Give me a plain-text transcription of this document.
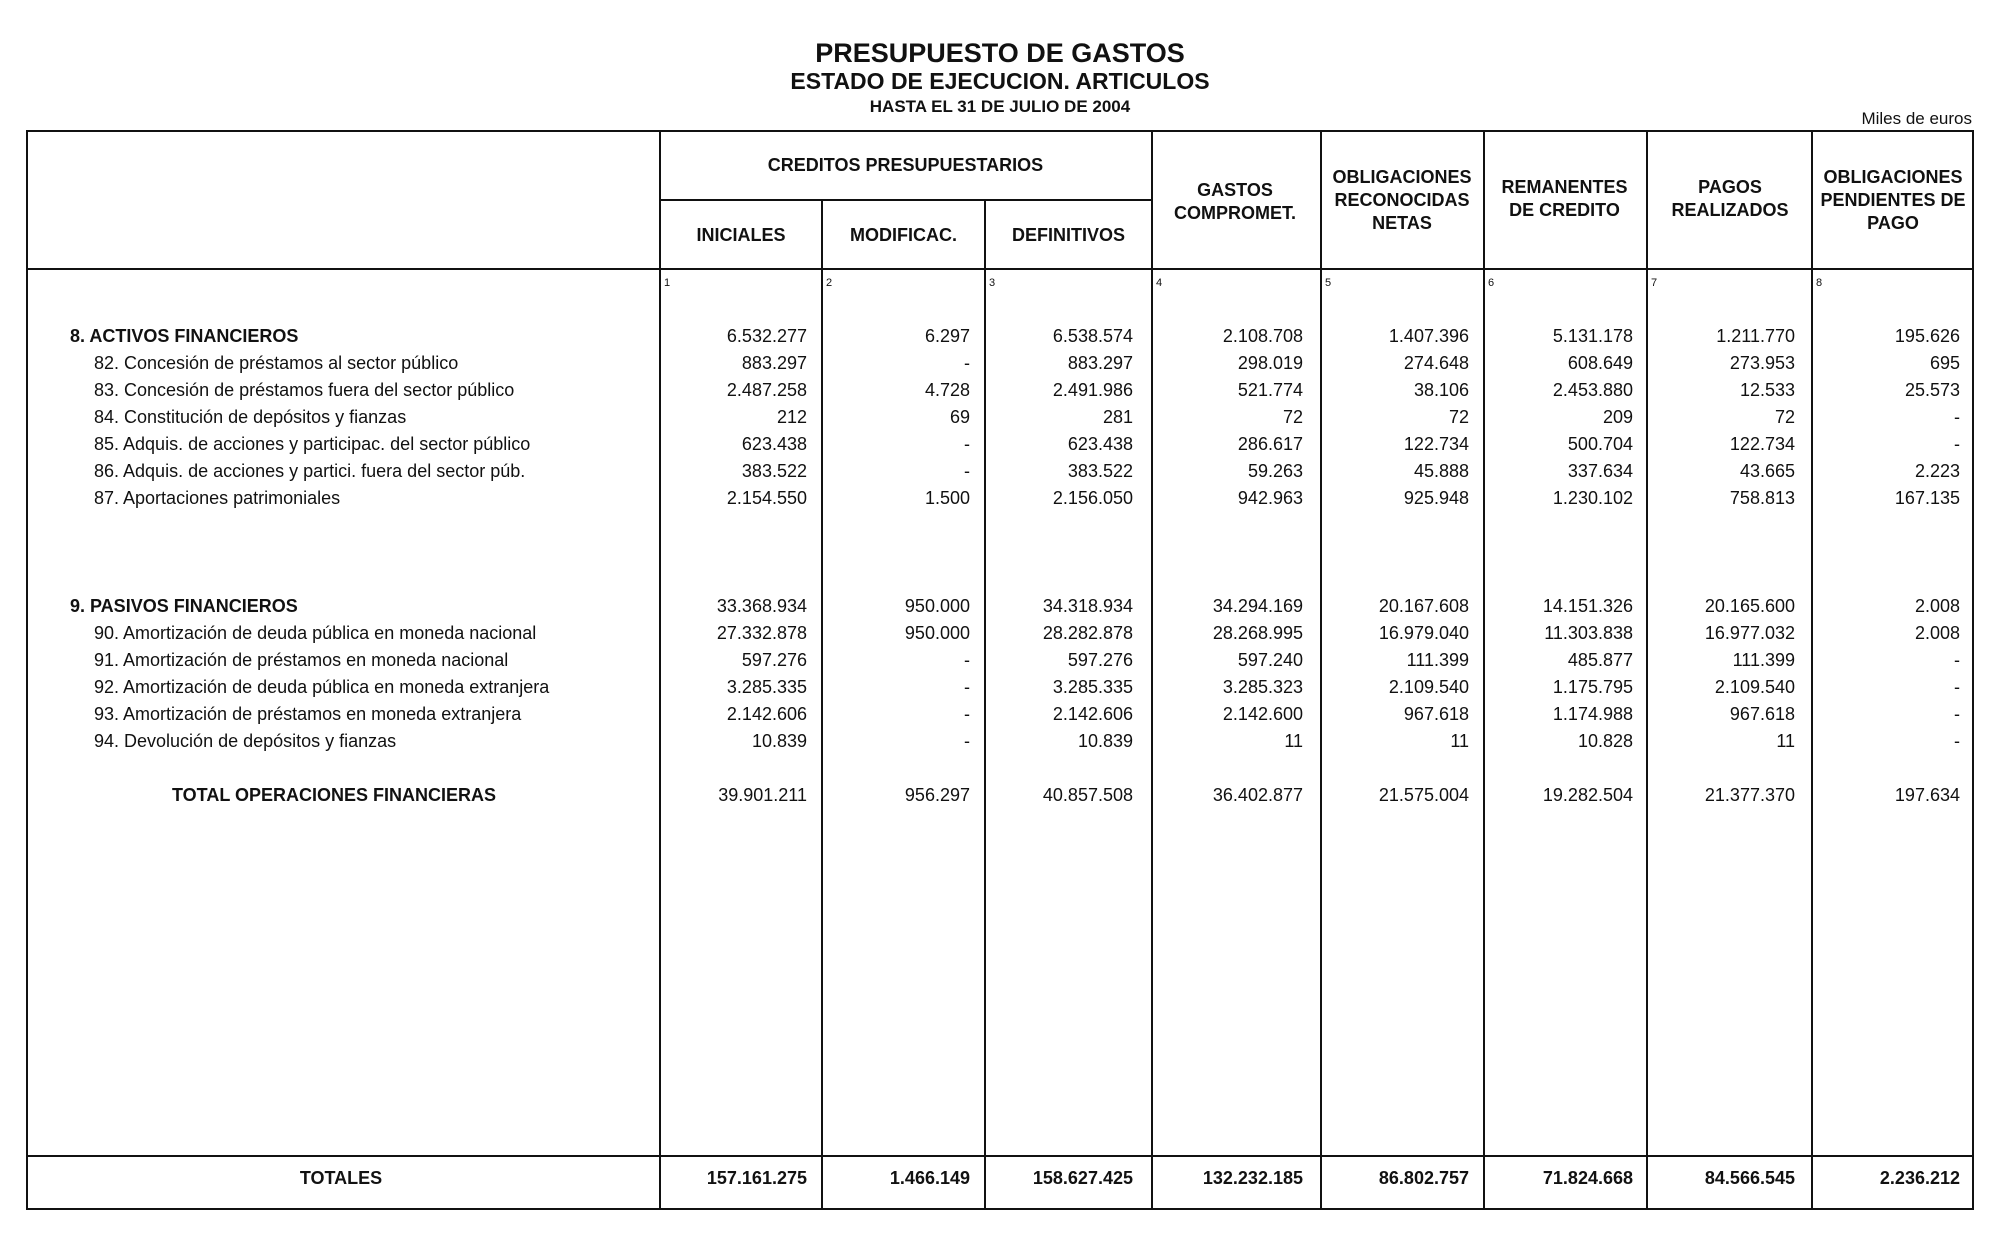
PRESUPUESTO DE GASTOS
ESTADO DE EJECUCION. ARTICULOS
HASTA EL 31 DE JULIO DE 2004
Miles de euros
CREDITOS PRESUPUESTARIOS
INICIALES	MODIFICAC.	DEFINITIVOS
GASTOS COMPROMET.
OBLIGACIONES RECONOCIDAS NETAS
REMANENTES DE CREDITO
PAGOS REALIZADOS
OBLIGACIONES PENDIENTES DE PAGO
1	2	3	4	5	6	7	8
8. ACTIVOS FINANCIEROS	6.532.277	6.297	6.538.574	2.108.708	1.407.396	5.131.178	1.211.770	195.626
82. Concesión de préstamos al sector público	883.297	-	883.297	298.019	274.648	608.649	273.953	695
83. Concesión de préstamos fuera del sector público	2.487.258	4.728	2.491.986	521.774	38.106	2.453.880	12.533	25.573
84. Constitución de depósitos y fianzas	212	69	281	72	72	209	72	-
85. Adquis. de acciones y participac. del sector público	623.438	-	623.438	286.617	122.734	500.704	122.734	-
86. Adquis. de acciones y partici. fuera del sector púb.	383.522	-	383.522	59.263	45.888	337.634	43.665	2.223
87. Aportaciones patrimoniales	2.154.550	1.500	2.156.050	942.963	925.948	1.230.102	758.813	167.135
9. PASIVOS FINANCIEROS	33.368.934	950.000	34.318.934	34.294.169	20.167.608	14.151.326	20.165.600	2.008
90. Amortización de deuda pública en moneda nacional	27.332.878	950.000	28.282.878	28.268.995	16.979.040	11.303.838	16.977.032	2.008
91. Amortización de préstamos en moneda nacional	597.276	-	597.276	597.240	111.399	485.877	111.399	-
92. Amortización de deuda pública en moneda extranjera	3.285.335	-	3.285.335	3.285.323	2.109.540	1.175.795	2.109.540	-
93. Amortización de préstamos en moneda extranjera	2.142.606	-	2.142.606	2.142.600	967.618	1.174.988	967.618	-
94. Devolución de depósitos y fianzas	10.839	-	10.839	11	11	10.828	11	-
TOTAL OPERACIONES FINANCIERAS	39.901.211	956.297	40.857.508	36.402.877	21.575.004	19.282.504	21.377.370	197.634
TOTALES	157.161.275	1.466.149	158.627.425	132.232.185	86.802.757	71.824.668	84.566.545	2.236.212
